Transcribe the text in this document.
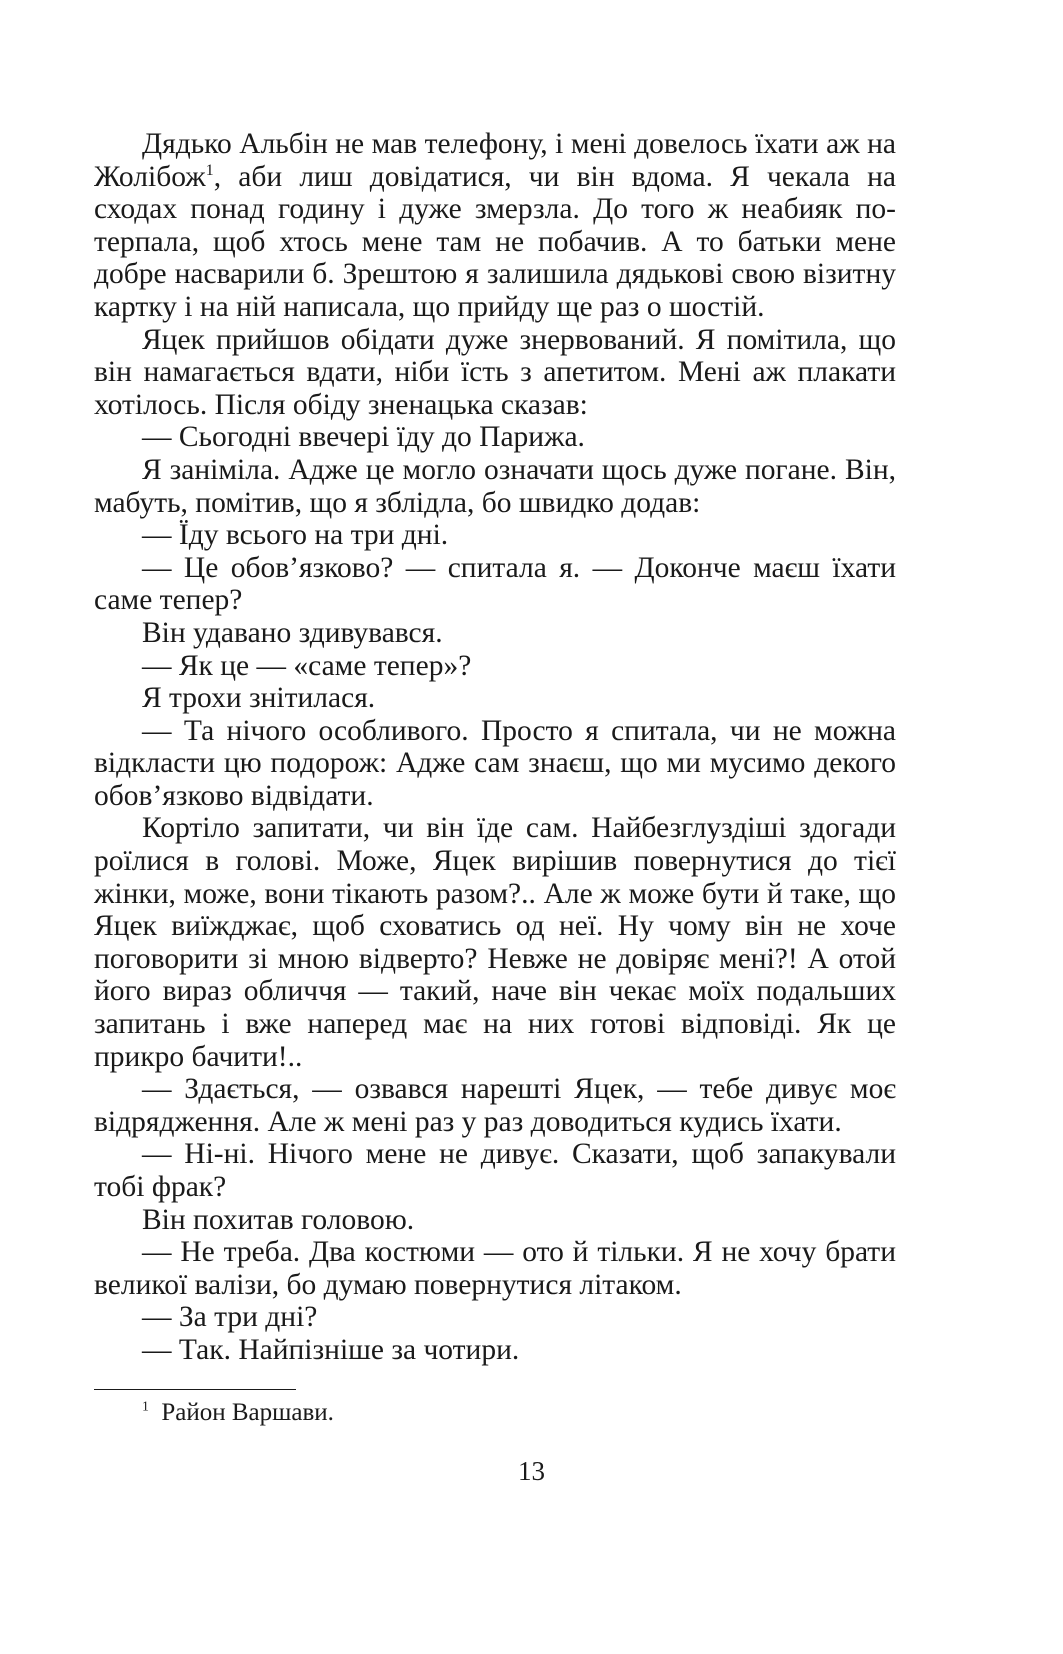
Дядько Альбін не мав телефону, і мені довелось їхати аж на Жолібож$^1$, аби лиш довідатися, чи він вдома. Я чекала на сходах понад годину і дуже змерзла. До того ж неабияк потерпала, щоб хтось мене там не побачив. А то батьки мене добре насварили б. Зрештою я залишила дядькові свою візитну картку і на ній написала, що прийду ще раз о шостій.

Яцек прийшов обідати дуже знервований. Я помітила, що він намагається вдати, ніби їсть з апетитом. Мені аж плакати хотілось. Після обіду зненацька сказав:

— Сьогодні ввечері їду до Парижа.

Я заніміла. Адже це могло означати щось дуже погане. Він, мабуть, помітив, що я зблідла, бо швидко додав:

— Їду всього на три дні.

— Це обов’язково? — спитала я. — Доконче маєш їхати саме тепер?

Він удавано здивувався.

— Як це — «саме тепер»?

Я трохи знітилася.

— Та нічого особливого. Просто я спитала, чи не можна відкласти цю подорож: Адже сам знаєш, що ми мусимо декого обов’язково відвідати.

Кортіло запитати, чи він їде сам. Найбезглуздіші здогади роїлися в голові. Може, Яцек вирішив повернутися до тієї жінки, може, вони тікають разом?.. Але ж може бути й таке, що Яцек виїжджає, щоб сховатись од неї. Ну чому він не хоче поговорити зі мною відверто? Невже не довіряє мені?! А отой його вираз обличчя — такий, наче він чекає моїх подальших запитань і вже наперед має на них готові відповіді. Як це прикро бачити!..

— Здається, — озвався нарешті Яцек, — тебе дивує моє відрядження. Але ж мені раз у раз доводиться кудись їхати.

— Ні-ні. Нічого мене не дивує. Сказати, щоб запакували тобі фрак?

Він похитав головою.

— Не треба. Два костюми — ото й тільки. Я не хочу брати великої валізи, бо думаю повернутися літаком.

— За три дні?

— Так. Найпізніше за чотири.

$^1$ Район Варшави.

13
